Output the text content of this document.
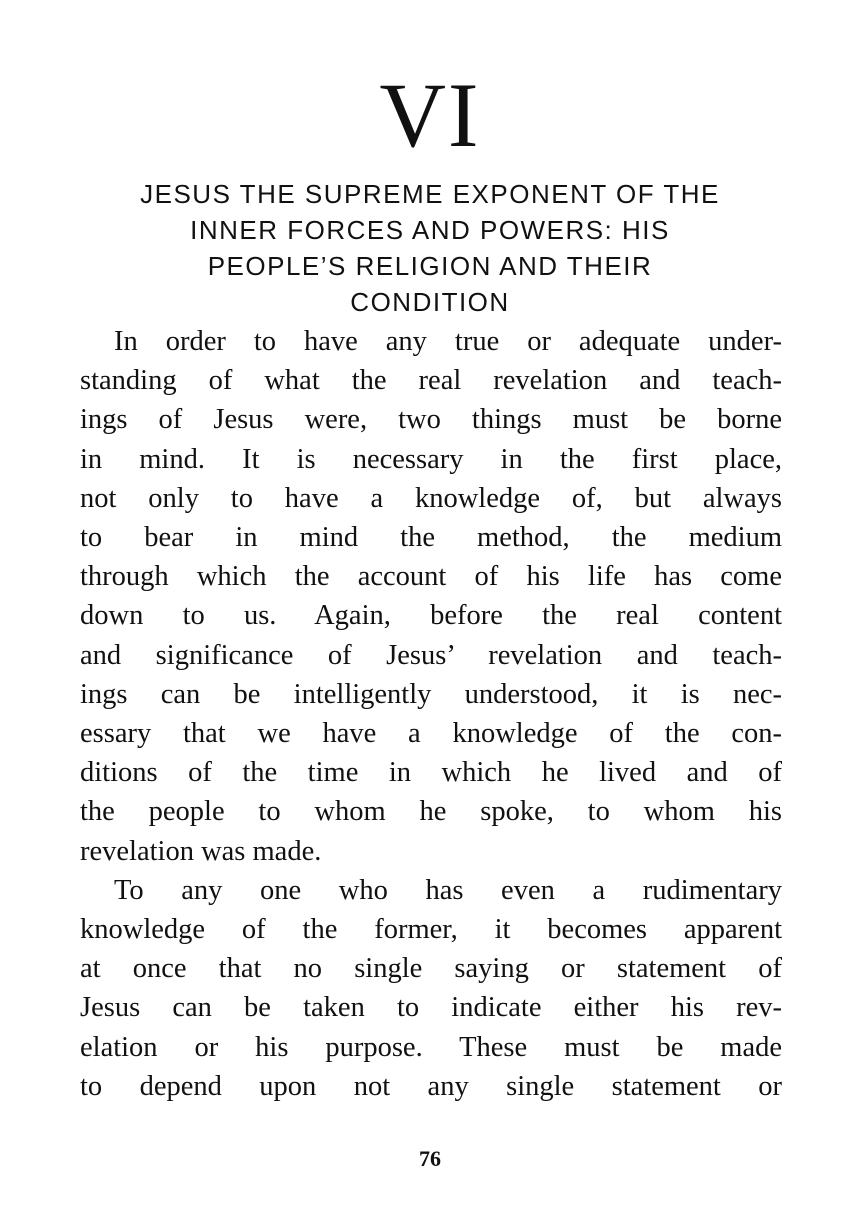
VI
JESUS THE SUPREME EXPONENT OF THE
INNER FORCES AND POWERS: HIS
PEOPLE’S RELIGION AND THEIR
CONDITION
In order to have any true or adequate under-
standing of what the real revelation and teach-
ings of Jesus were, two things must be borne
in mind. It is necessary in the first place,
not only to have a knowledge of, but always
to bear in mind the method, the medium
through which the account of his life has come
down to us. Again, before the real content
and significance of Jesus’ revelation and teach-
ings can be intelligently understood, it is nec-
essary that we have a knowledge of the con-
ditions of the time in which he lived and of
the people to whom he spoke, to whom his
revelation was made.
To any one who has even a rudimentary
knowledge of the former, it becomes apparent
at once that no single saying or statement of
Jesus can be taken to indicate either his rev-
elation or his purpose. These must be made
to depend upon not any single statement or
76
